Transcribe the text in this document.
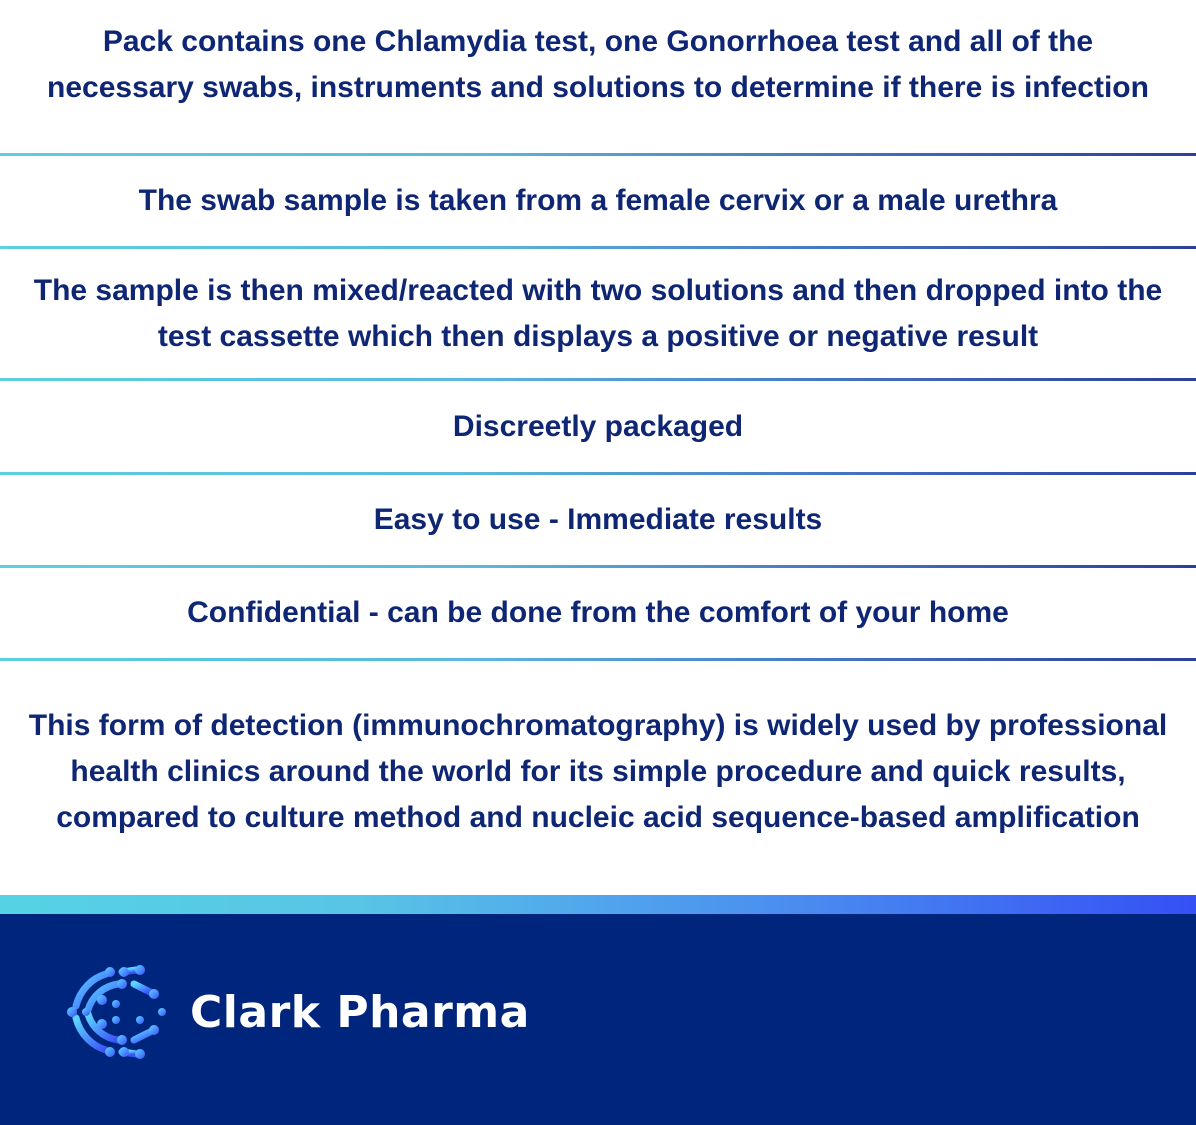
Pack contains one Chlamydia test, one Gonorrhoea test and all of the necessary swabs, instruments and solutions to determine if there is infection

The swab sample is taken from a female cervix or a male urethra

The sample is then mixed/reacted with two solutions and then dropped into the test cassette which then displays a positive or negative result

Discreetly packaged

Easy to use - Immediate results

Confidential - can be done from the comfort of your home

This form of detection (immunochromatography) is widely used by professional health clinics around the world for its simple procedure and quick results, compared to culture method and nucleic acid sequence-based amplification

Clark Pharma
